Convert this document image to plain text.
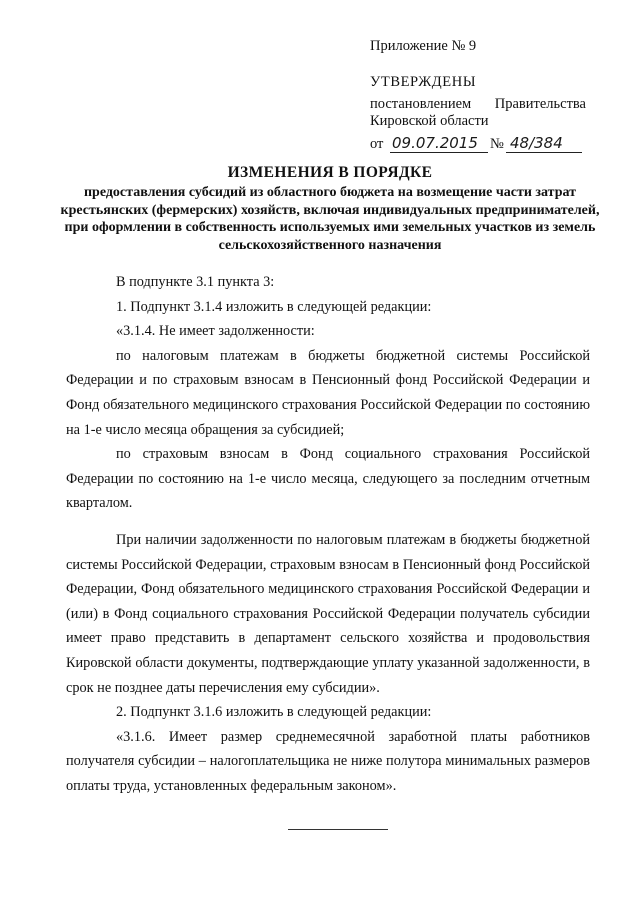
Приложение № 9
УТВЕРЖДЕНЫ
постановлением Правительства
Кировской области
от 09.07.2015 № 48/384
ИЗМЕНЕНИЯ В ПОРЯДКЕ
предоставления субсидий из областного бюджета на возмещение части затрат крестьянских (фермерских) хозяйств, включая индивидуальных предпринимателей, при оформлении в собственность используемых ими земельных участков из земель сельскохозяйственного назначения

В подпункте 3.1 пункта 3:

1. Подпункт 3.1.4 изложить в следующей редакции:

«3.1.4. Не имеет задолженности:

по налоговым платежам в бюджеты бюджетной системы Российской Федерации и по страховым взносам в Пенсионный фонд Российской Федерации и Фонд обязательного медицинского страхования Российской Федерации по состоянию на 1-е число месяца обращения за субсидией;

по страховым взносам в Фонд социального страхования Российской Федерации по состоянию на 1-е число месяца, следующего за последним отчетным кварталом.

При наличии задолженности по налоговым платежам в бюджеты бюджетной системы Российской Федерации, страховым взносам в Пенсионный фонд Российской Федерации, Фонд обязательного медицинского страхования Российской Федерации и (или) в Фонд социального страхования Российской Федерации получатель субсидии имеет право представить в департамент сельского хозяйства и продовольствия Кировской области документы, подтверждающие уплату указанной задолженности, в срок не позднее даты перечисления ему субсидии».

2. Подпункт 3.1.6 изложить в следующей редакции:

«3.1.6. Имеет размер среднемесячной заработной платы работников получателя субсидии – налогоплательщика не ниже полутора минимальных размеров оплаты труда, установленных федеральным законом».
